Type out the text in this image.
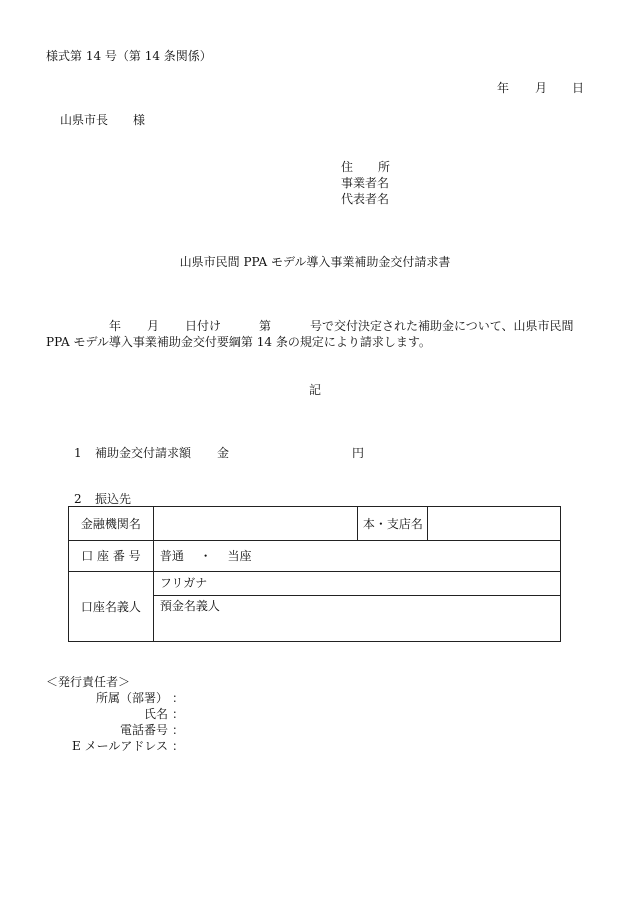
様式第 14 号（第 14 条関係）
年 月 日
山県市長 様
住 所
事業者名
代表者名
山県市民間 PPA モデル導入事業補助金交付請求書
年 月 日付け	第	号で交付決定された補助金について、山県市民間
PPA モデル導入事業補助金交付要綱第 14 条の規定により請求します。
記
1 補助金交付請求額 金	円
2 振込先
金融機関名		本・支店名	
口 座 番 号	普通 ・ 当座		
口座名義人	フリガナ
預金名義人		
＜発行責任者＞
所属（部署） ：
氏名 ：
電話番号 ：
E メールアドレス ：
